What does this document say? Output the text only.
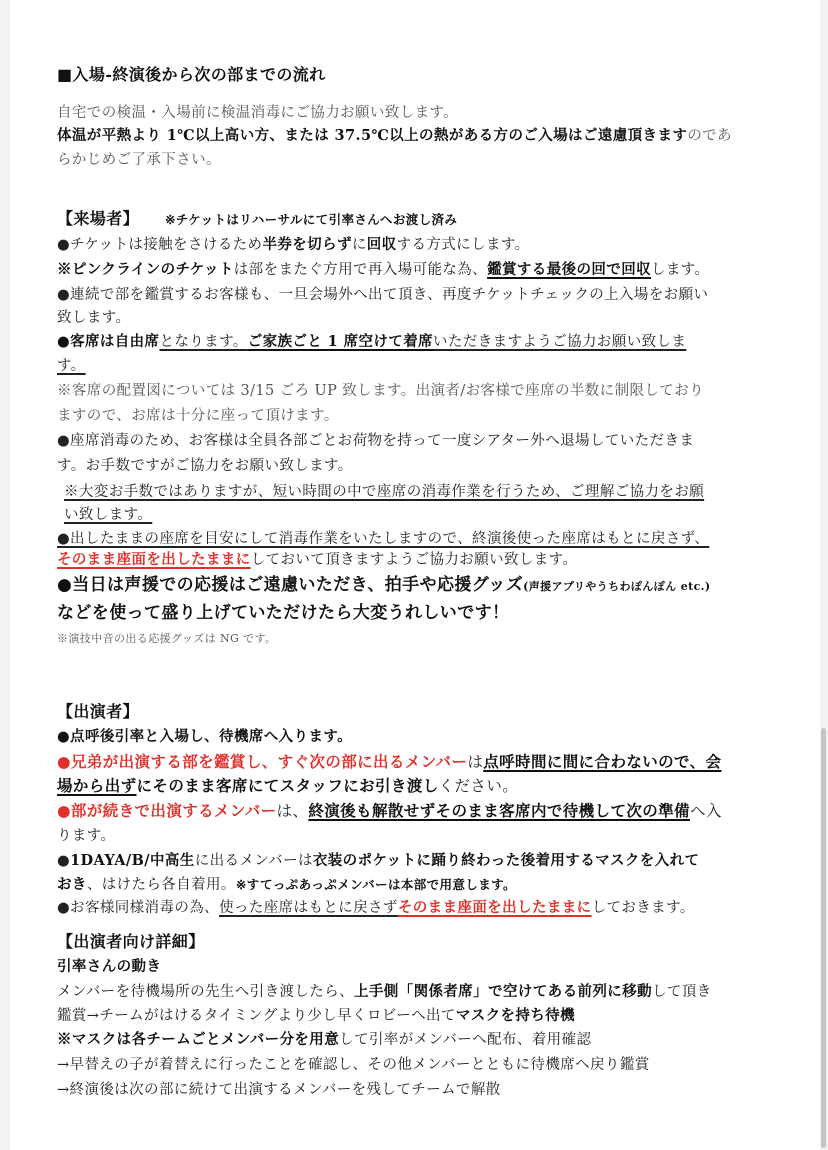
■入場-終演後から次の部までの流れ
自宅での検温・入場前に検温消毒にご協力お願い致します。
体温が平熱より 1℃以上高い方、または 37.5℃以上の熱がある方のご入場はご遠慮頂きますのであ
らかじめご了承下さい。
【来場者】 ※チケットはリハーサルにて引率さんへお渡し済み
●チケットは接触をさけるため半券を切らずに回収する方式にします。
※ピンクラインのチケットは部をまたぐ方用で再入場可能な為、鑑賞する最後の回で回収します。
●連続で部を鑑賞するお客様も、一旦会場外へ出て頂き、再度チケットチェックの上入場をお願い
致します。
●客席は自由席となります。ご家族ごと 1 席空けて着席いただきますようご協力お願い致しま
す。
※客席の配置図については 3/15 ごろ UP 致します。出演者/お客様で座席の半数に制限しており
ますので、お席は十分に座って頂けます。
●座席消毒のため、お客様は全員各部ごとお荷物を持って一度シアター外へ退場していただきま
す。お手数ですがご協力をお願い致します。
※大変お手数ではありますが、短い時間の中で座席の消毒作業を行うため、ご理解ご協力をお願
い致します。
●出したままの座席を目安にして消毒作業をいたしますので、終演後使った座席はもとに戻さず、
そのまま座面を出したままにしておいて頂きますようご協力お願い致します。
●当日は声援での応援はご遠慮いただき、拍手や応援グッズ(声援アプリやうちわぽんぽん etc.)
などを使って盛り上げていただけたら大変うれしいです！
※演技中音の出る応援グッズは NG です。
【出演者】
●点呼後引率と入場し、待機席へ入ります。
●兄弟が出演する部を鑑賞し、すぐ次の部に出るメンバーは点呼時間に間に合わないので、会
場から出ずにそのまま客席にてスタッフにお引き渡しください。
●部が続きで出演するメンバーは、終演後も解散せずそのまま客席内で待機して次の準備へ入
ります。
●1DAYA/B/中高生に出るメンバーは衣装のポケットに踊り終わった後着用するマスクを入れて
おき、はけたら各自着用。※すてっぷあっぷメンバーは本部で用意します。
●お客様同様消毒の為、使った座席はもとに戻さずそのまま座面を出したままにしておきます。
【出演者向け詳細】
引率さんの動き
メンバーを待機場所の先生へ引き渡したら、上手側「関係者席」で空けてある前列に移動して頂き
鑑賞→チームがはけるタイミングより少し早くロビーへ出てマスクを持ち待機
※マスクは各チームごとメンバー分を用意して引率がメンバーへ配布、着用確認
→早替えの子が着替えに行ったことを確認し、その他メンバーとともに待機席へ戻り鑑賞
→終演後は次の部に続けて出演するメンバーを残してチームで解散
